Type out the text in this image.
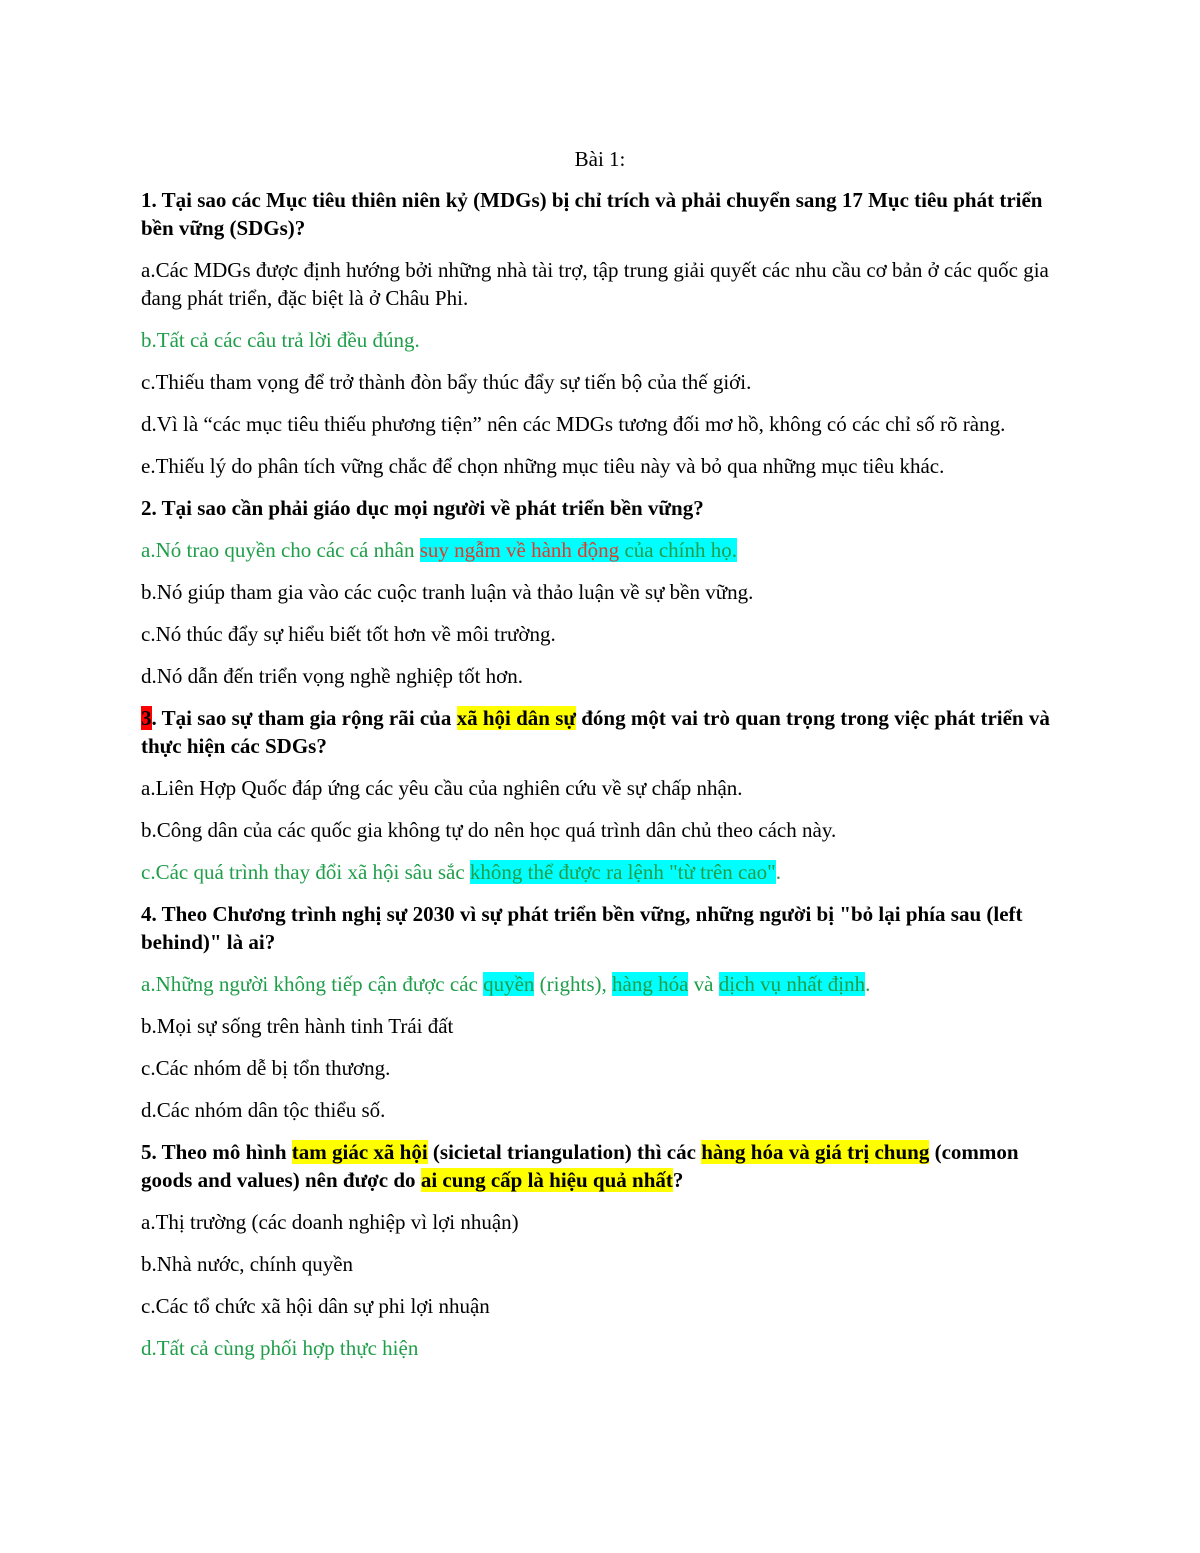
Bài 1:
1. Tại sao các Mục tiêu thiên niên kỷ (MDGs) bị chỉ trích và phải chuyển sang 17 Mục tiêu phát triển bền vững (SDGs)?
a.Các MDGs được định hướng bởi những nhà tài trợ, tập trung giải quyết các nhu cầu cơ bản ở các quốc gia đang phát triển, đặc biệt là ở Châu Phi.
b.Tất cả các câu trả lời đều đúng.
c.Thiếu tham vọng để trở thành đòn bẩy thúc đẩy sự tiến bộ của thế giới.
d.Vì là “các mục tiêu thiếu phương tiện” nên các MDGs tương đối mơ hồ, không có các chỉ số rõ ràng.
e.Thiếu lý do phân tích vững chắc để chọn những mục tiêu này và bỏ qua những mục tiêu khác.
2. Tại sao cần phải giáo dục mọi người về phát triển bền vững?
a.Nó trao quyền cho các cá nhân suy ngẫm về hành động của chính họ.
b.Nó giúp tham gia vào các cuộc tranh luận và thảo luận về sự bền vững.
c.Nó thúc đẩy sự hiểu biết tốt hơn về môi trường.
d.Nó dẫn đến triển vọng nghề nghiệp tốt hơn.
3. Tại sao sự tham gia rộng rãi của xã hội dân sự đóng một vai trò quan trọng trong việc phát triển và thực hiện các SDGs?
a.Liên Hợp Quốc đáp ứng các yêu cầu của nghiên cứu về sự chấp nhận.
b.Công dân của các quốc gia không tự do nên học quá trình dân chủ theo cách này.
c.Các quá trình thay đổi xã hội sâu sắc không thể được ra lệnh "từ trên cao".
4. Theo Chương trình nghị sự 2030 vì sự phát triển bền vững, những người bị "bỏ lại phía sau (left behind)" là ai?
a.Những người không tiếp cận được các quyền (rights), hàng hóa và dịch vụ nhất định.
b.Mọi sự sống trên hành tinh Trái đất
c.Các nhóm dễ bị tổn thương.
d.Các nhóm dân tộc thiểu số.
5. Theo mô hình tam giác xã hội (sicietal triangulation) thì các hàng hóa và giá trị chung (common goods and values) nên được do ai cung cấp là hiệu quả nhất?
a.Thị trường (các doanh nghiệp vì lợi nhuận)
b.Nhà nước, chính quyền
c.Các tổ chức xã hội dân sự phi lợi nhuận
d.Tất cả cùng phối hợp thực hiện
